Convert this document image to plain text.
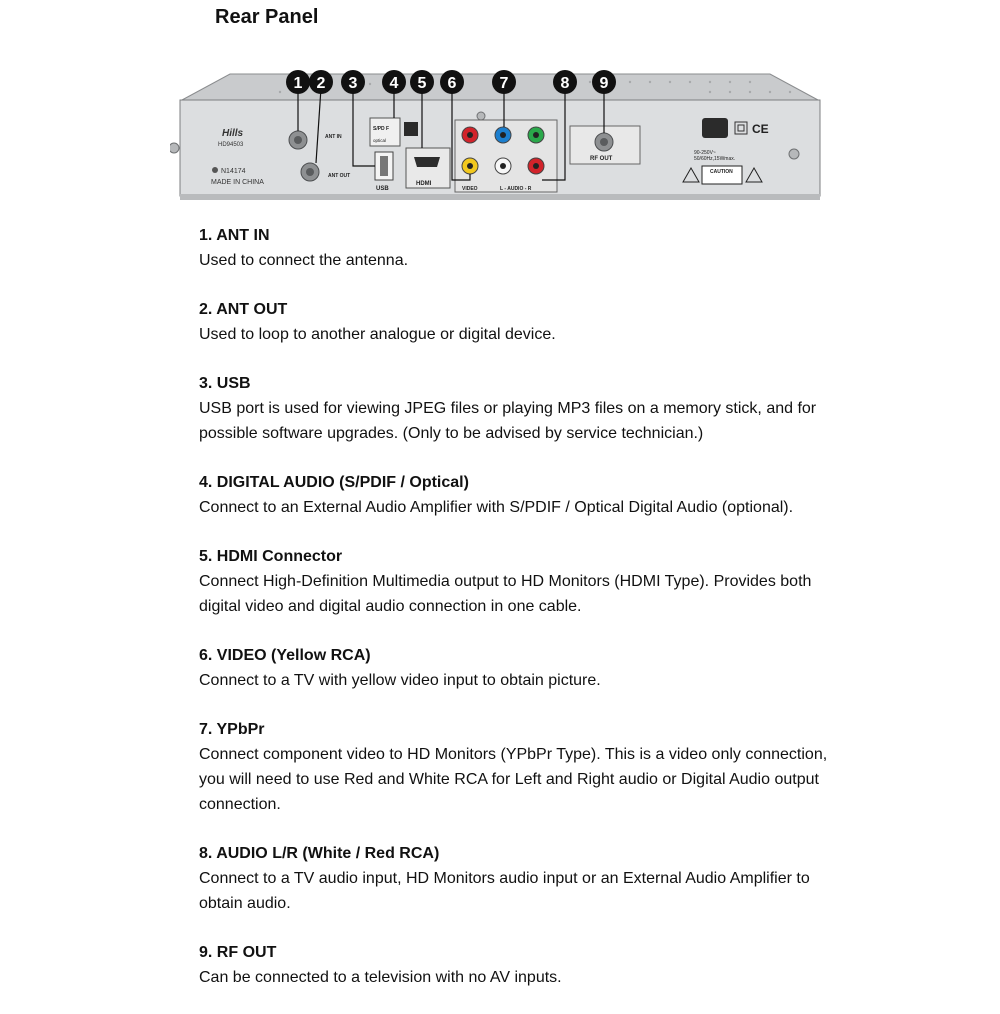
Rear Panel
Hills
HD94503
N14174
MADE IN CHINA
ANT IN
ANT OUT
USB
S/PD F
optical
HDMI
VIDEO	L - AUDIO - R
RF OUT
CE
90-250V~
50/60Hz,15Wmax.
CAUTION
1 2 3 4 5 6	7	8 9
1. ANT IN
Used to connect the antenna.
2. ANT OUT
Used to loop to another analogue or digital device.
3. USB
USB port is used for viewing JPEG files or playing MP3 files on a memory stick, and for possible software upgrades. (Only to be advised by service technician.)
4. DIGITAL AUDIO (S/PDIF / Optical)
Connect to an External Audio Amplifier with S/PDIF / Optical Digital Audio (optional).
5. HDMI Connector
Connect High-Definition Multimedia output to HD Monitors (HDMI Type). Provides both digital video and digital audio connection in one cable.
6. VIDEO (Yellow RCA)
Connect to a TV with yellow video input to obtain picture.
7. YPbPr
Connect component video to HD Monitors (YPbPr Type). This is a video only connection, you will need to use Red and White RCA for Left and Right audio or Digital Audio output connection.
8. AUDIO L/R (White / Red RCA)
Connect to a TV audio input, HD Monitors audio input or an External Audio Amplifier to obtain audio.
9. RF OUT
Can be connected to a television with no AV inputs.
